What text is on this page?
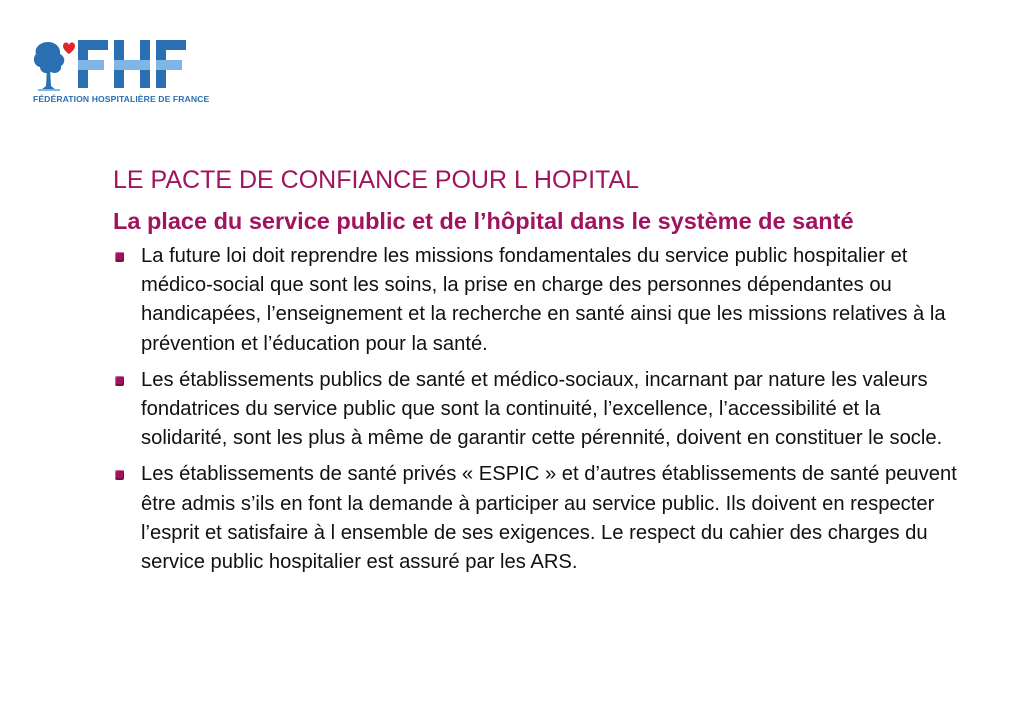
FÉDÉRATION HOSPITALIÈRE DE FRANCE
LE PACTE DE CONFIANCE POUR L HOPITAL
La place du service public et de l’hôpital dans le système de santé
La future loi doit reprendre les missions fondamentales du service public hospitalier et médico-social que sont les soins, la prise en charge des personnes dépendantes ou handicapées, l’enseignement et la recherche en santé ainsi que les missions relatives à la prévention et l’éducation pour la santé.
Les établissements publics de santé et médico-sociaux, incarnant par nature les valeurs fondatrices du service public que sont la continuité, l’excellence, l’accessibilité et la solidarité, sont les plus à même de garantir cette pérennité, doivent en constituer le socle.
Les établissements de santé privés « ESPIC » et d’autres établissements de santé peuvent être admis s’ils en font la demande à participer au service public. Ils doivent en respecter l’esprit et satisfaire à l ensemble de ses exigences. Le respect du cahier des charges du service public hospitalier est assuré par les ARS.
